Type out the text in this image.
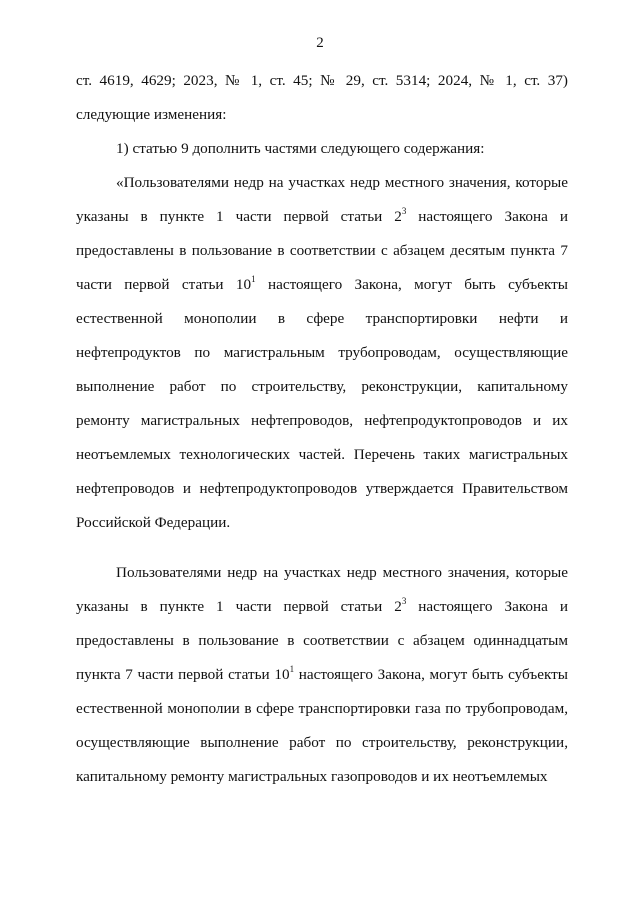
2

ст. 4619, 4629; 2023, № 1, ст. 45; № 29, ст. 5314; 2024, № 1, ст. 37) следующие изменения:

1) статью 9 дополнить частями следующего содержания:

«Пользователями недр на участках недр местного значения, которые указаны в пункте 1 части первой статьи $2^3$ настоящего Закона и предоставлены в пользование в соответствии с абзацем десятым пункта 7 части первой статьи $10^1$ настоящего Закона, могут быть субъекты естественной монополии в сфере транспортировки нефти и нефтепродуктов по магистральным трубопроводам, осуществляющие выполнение работ по строительству, реконструкции, капитальному ремонту магистральных нефтепроводов, нефтепродуктопроводов и их неотъемлемых технологических частей. Перечень таких магистральных нефтепроводов и нефтепродуктопроводов утверждается Правительством Российской Федерации.

Пользователями недр на участках недр местного значения, которые указаны в пункте 1 части первой статьи $2^3$ настоящего Закона и предоставлены в пользование в соответствии с абзацем одиннадцатым пункта 7 части первой статьи $10^1$ настоящего Закона, могут быть субъекты естественной монополии в сфере транспортировки газа по трубопроводам, осуществляющие выполнение работ по строительству, реконструкции, капитальному ремонту магистральных газопроводов и их неотъемлемых
